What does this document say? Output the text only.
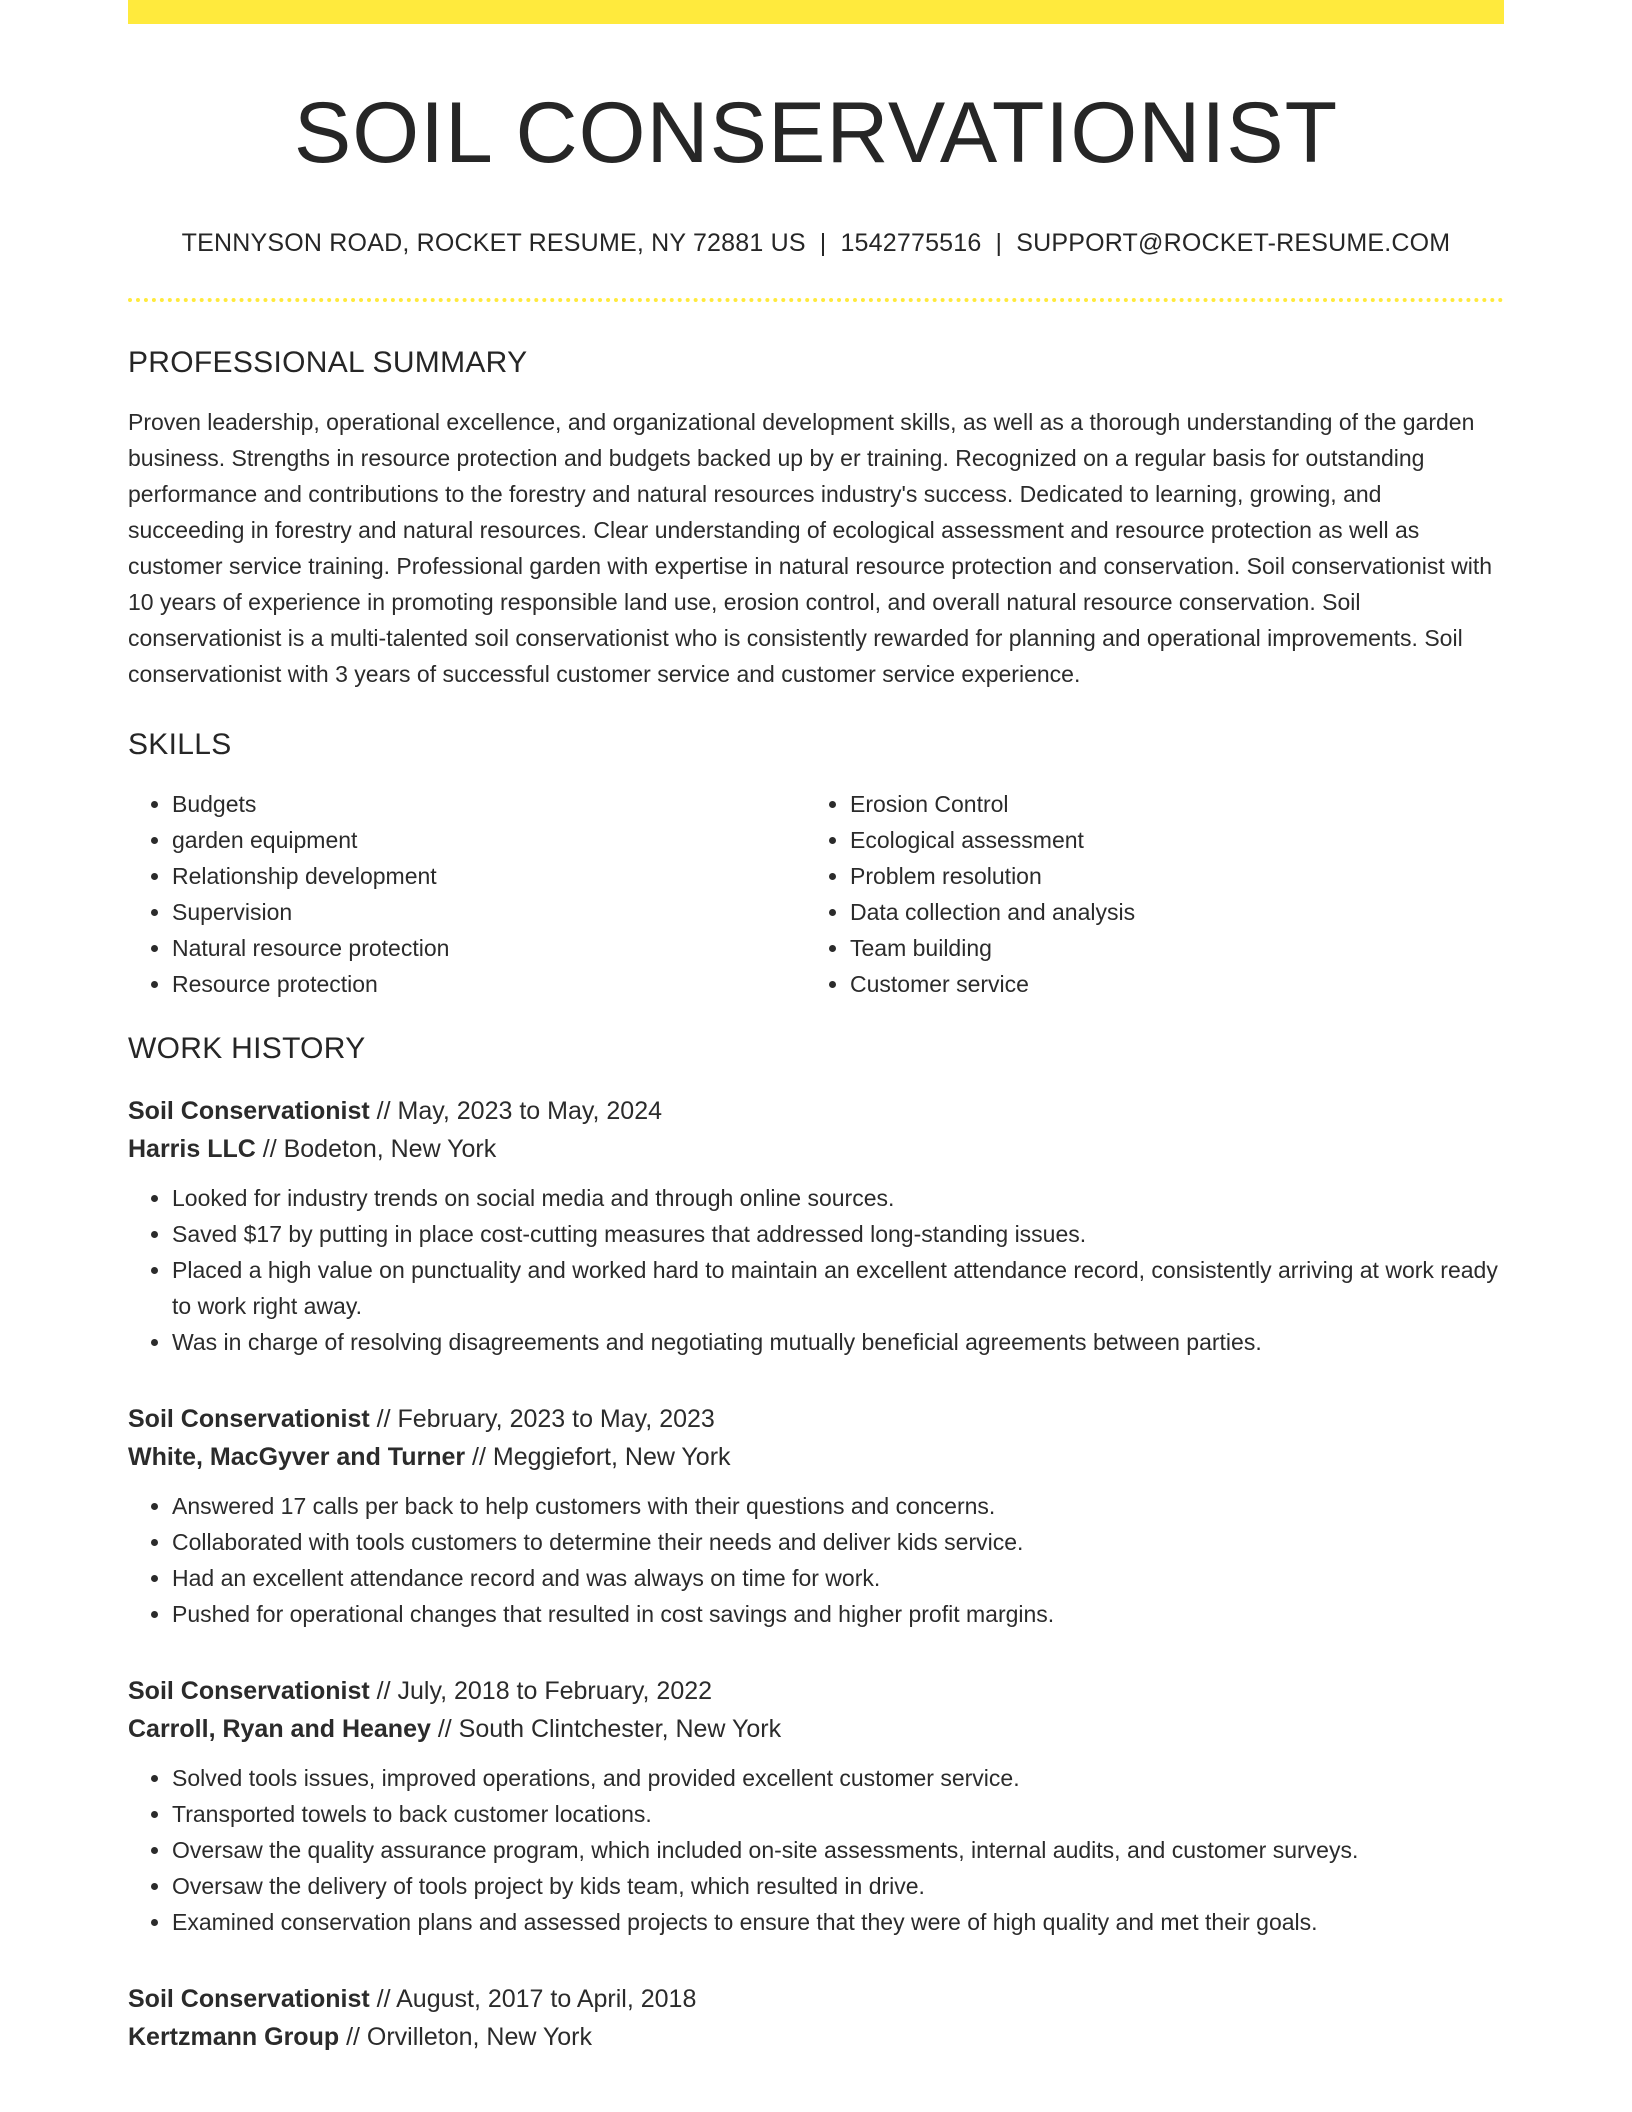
SOIL CONSERVATIONIST
TENNYSON ROAD, ROCKET RESUME, NY 72881 US | 1542775516 | SUPPORT@ROCKET-RESUME.COM
PROFESSIONAL SUMMARY
Proven leadership, operational excellence, and organizational development skills, as well as a thorough understanding of the garden business. Strengths in resource protection and budgets backed up by er training. Recognized on a regular basis for outstanding performance and contributions to the forestry and natural resources industry's success. Dedicated to learning, growing, and succeeding in forestry and natural resources. Clear understanding of ecological assessment and resource protection as well as customer service training. Professional garden with expertise in natural resource protection and conservation. Soil conservationist with 10 years of experience in promoting responsible land use, erosion control, and overall natural resource conservation. Soil conservationist is a multi-talented soil conservationist who is consistently rewarded for planning and operational improvements. Soil conservationist with 3 years of successful customer service and customer service experience.
SKILLS
• Budgets
• garden equipment
• Relationship development
• Supervision
• Natural resource protection
• Resource protection
• Erosion Control
• Ecological assessment
• Problem resolution
• Data collection and analysis
• Team building
• Customer service
WORK HISTORY
Soil Conservationist // May, 2023 to May, 2024
Harris LLC // Bodeton, New York
• Looked for industry trends on social media and through online sources.
• Saved $17 by putting in place cost-cutting measures that addressed long-standing issues.
• Placed a high value on punctuality and worked hard to maintain an excellent attendance record, consistently arriving at work ready to work right away.
• Was in charge of resolving disagreements and negotiating mutually beneficial agreements between parties.
Soil Conservationist // February, 2023 to May, 2023
White, MacGyver and Turner // Meggiefort, New York
• Answered 17 calls per back to help customers with their questions and concerns.
• Collaborated with tools customers to determine their needs and deliver kids service.
• Had an excellent attendance record and was always on time for work.
• Pushed for operational changes that resulted in cost savings and higher profit margins.
Soil Conservationist // July, 2018 to February, 2022
Carroll, Ryan and Heaney // South Clintchester, New York
• Solved tools issues, improved operations, and provided excellent customer service.
• Transported towels to back customer locations.
• Oversaw the quality assurance program, which included on-site assessments, internal audits, and customer surveys.
• Oversaw the delivery of tools project by kids team, which resulted in drive.
• Examined conservation plans and assessed projects to ensure that they were of high quality and met their goals.
Soil Conservationist // August, 2017 to April, 2018
Kertzmann Group // Orvilleton, New York
